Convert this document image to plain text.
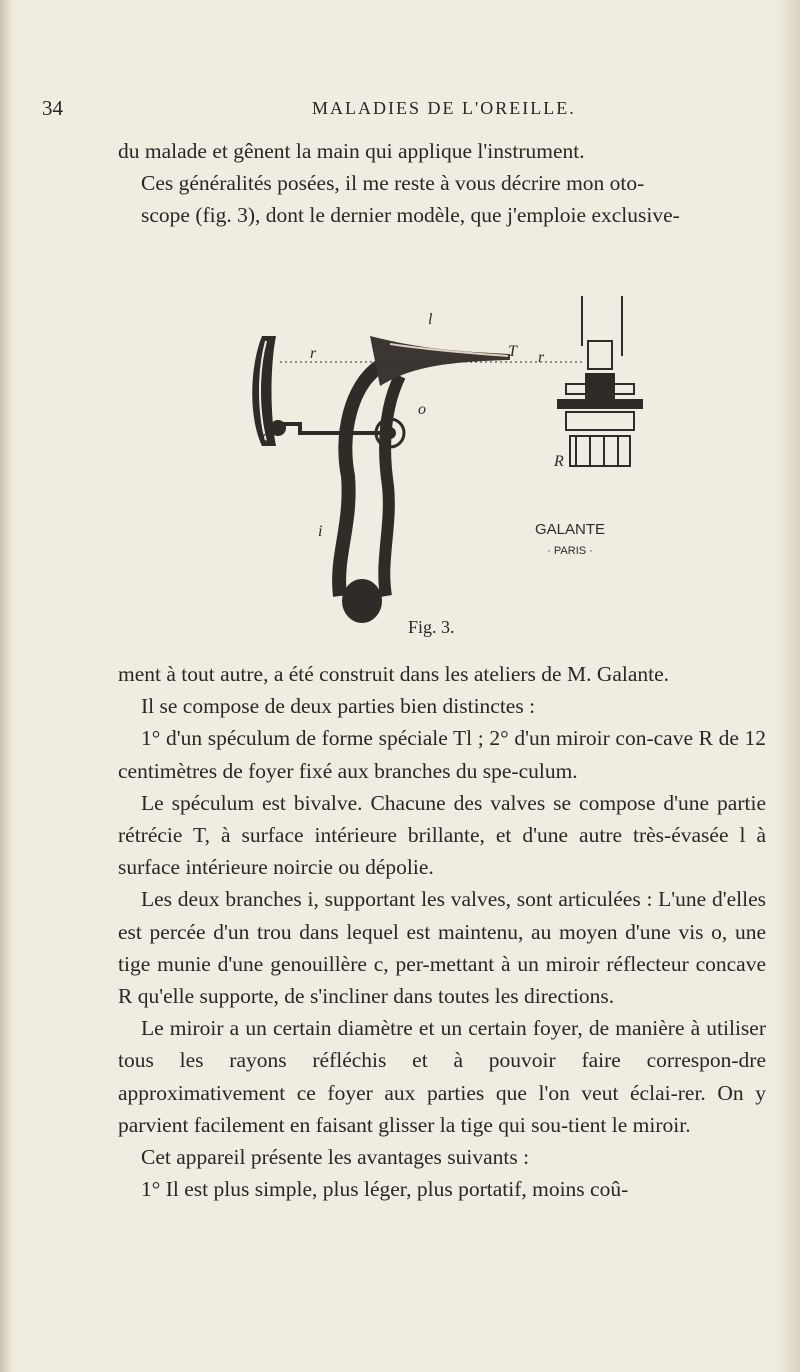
34	MALADIES DE L'OREILLE.

du malade et gênent la main qui applique l'instrument.

Ces généralités posées, il me reste à vous décrire mon oto-

scope (fig. 3), dont le dernier modèle, que j'emploie exclusive-

l
T
r	r
c
o
i
R
GALANTE
· PARIS ·
Fig. 3.

ment à tout autre, a été construit dans les ateliers de M. Galante.

Il se compose de deux parties bien distinctes :

1° d'un spéculum de forme spéciale Tl ; 2° d'un miroir con-cave R de 12 centimètres de foyer fixé aux branches du spe-culum.

Le spéculum est bivalve. Chacune des valves se compose d'une partie rétrécie T, à surface intérieure brillante, et d'une autre très-évasée l à surface intérieure noircie ou dépolie.

Les deux branches i, supportant les valves, sont articulées : L'une d'elles est percée d'un trou dans lequel est maintenu, au moyen d'une vis o, une tige munie d'une genouillère c, per-mettant à un miroir réflecteur concave R qu'elle supporte, de s'incliner dans toutes les directions.

Le miroir a un certain diamètre et un certain foyer, de manière à utiliser tous les rayons réfléchis et à pouvoir faire correspon-dre approximativement ce foyer aux parties que l'on veut éclai-rer. On y parvient facilement en faisant glisser la tige qui sou-tient le miroir.

Cet appareil présente les avantages suivants :

1° Il est plus simple, plus léger, plus portatif, moins coû-
